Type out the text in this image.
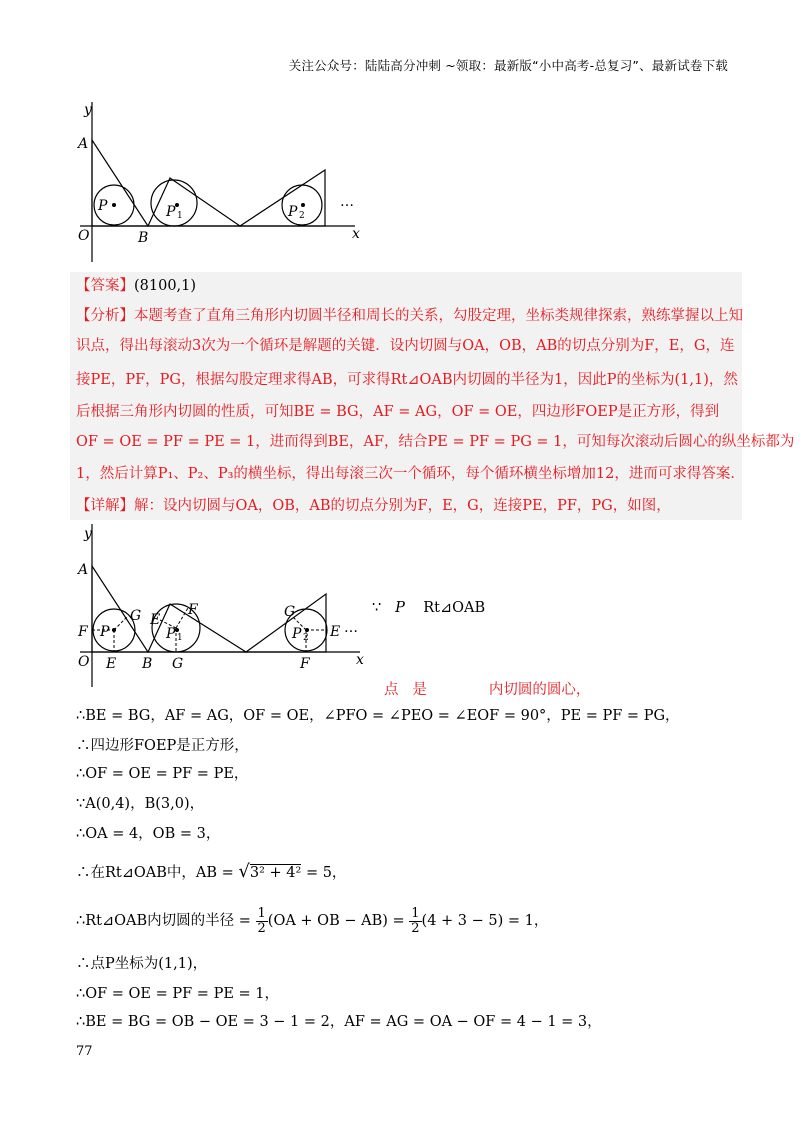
关注公众号：陆陆高分冲刺 ~领取：最新版“小中高考-总复习”、最新试卷下载
y
A
O	B	x
P	P 1	P 2
…
【答案】(8100,1)
【分析】本题考查了直角三角形内切圆半径和周长的关系，勾股定理，坐标类规律探索，熟练掌握以上知
识点，得出每滚动3次为一个循环是解题的关键．设内切圆与OA，OB，AB的切点分别为F，E，G，连
接PE，PF，PG，根据勾股定理求得AB，可求得Rt⊿OAB内切圆的半径为1，因此P的坐标为(1,1)，然
后根据三角形内切圆的性质，可知BE = BG，AF = AG，OF = OE，四边形FOEP是正方形，得到
OF = OE = PF = PE = 1，进而得到BE，AF，结合PE = PF = PG = 1，可知每次滚动后圆心的纵坐标都为
1，然后计算P₁、P₂、P₃的横坐标，得出每滚三次一个循环，每个循环横坐标增加12，进而可求得答案．
【详解】解：设内切圆与OA，OB，AB的切点分别为F，E，G，连接PE，PF，PG，如图，
y
A
O	B	x
F
E
G
G
F
E	G
F
E
P	P 1	P 2
…
∵ P Rt⊿OAB
点 是	内切圆的圆心，
∴BE = BG，AF = AG，OF = OE，∠PFO = ∠PEO = ∠EOF = 90°，PE = PF = PG，
∴四边形FOEP是正方形，
∴OF = OE = PF = PE，
∵A(0,4)，B(3,0)，
∴OA = 4，OB = 3，
∴在Rt⊿OAB中，AB = √3² + 4² = 5，
∴Rt⊿OAB内切圆的半径 = $\frac{1}{2} (OA$ + OB − $AB) = \frac{1}{2} (4 + 3 - 5) = 1$，
∴点P坐标为(1,1)，
∴OF = OE = PF = PE = 1，
∴BE = BG = OB − OE = 3 − 1 = 2，AF = AG = OA − OF = 4 − 1 = 3，
77
